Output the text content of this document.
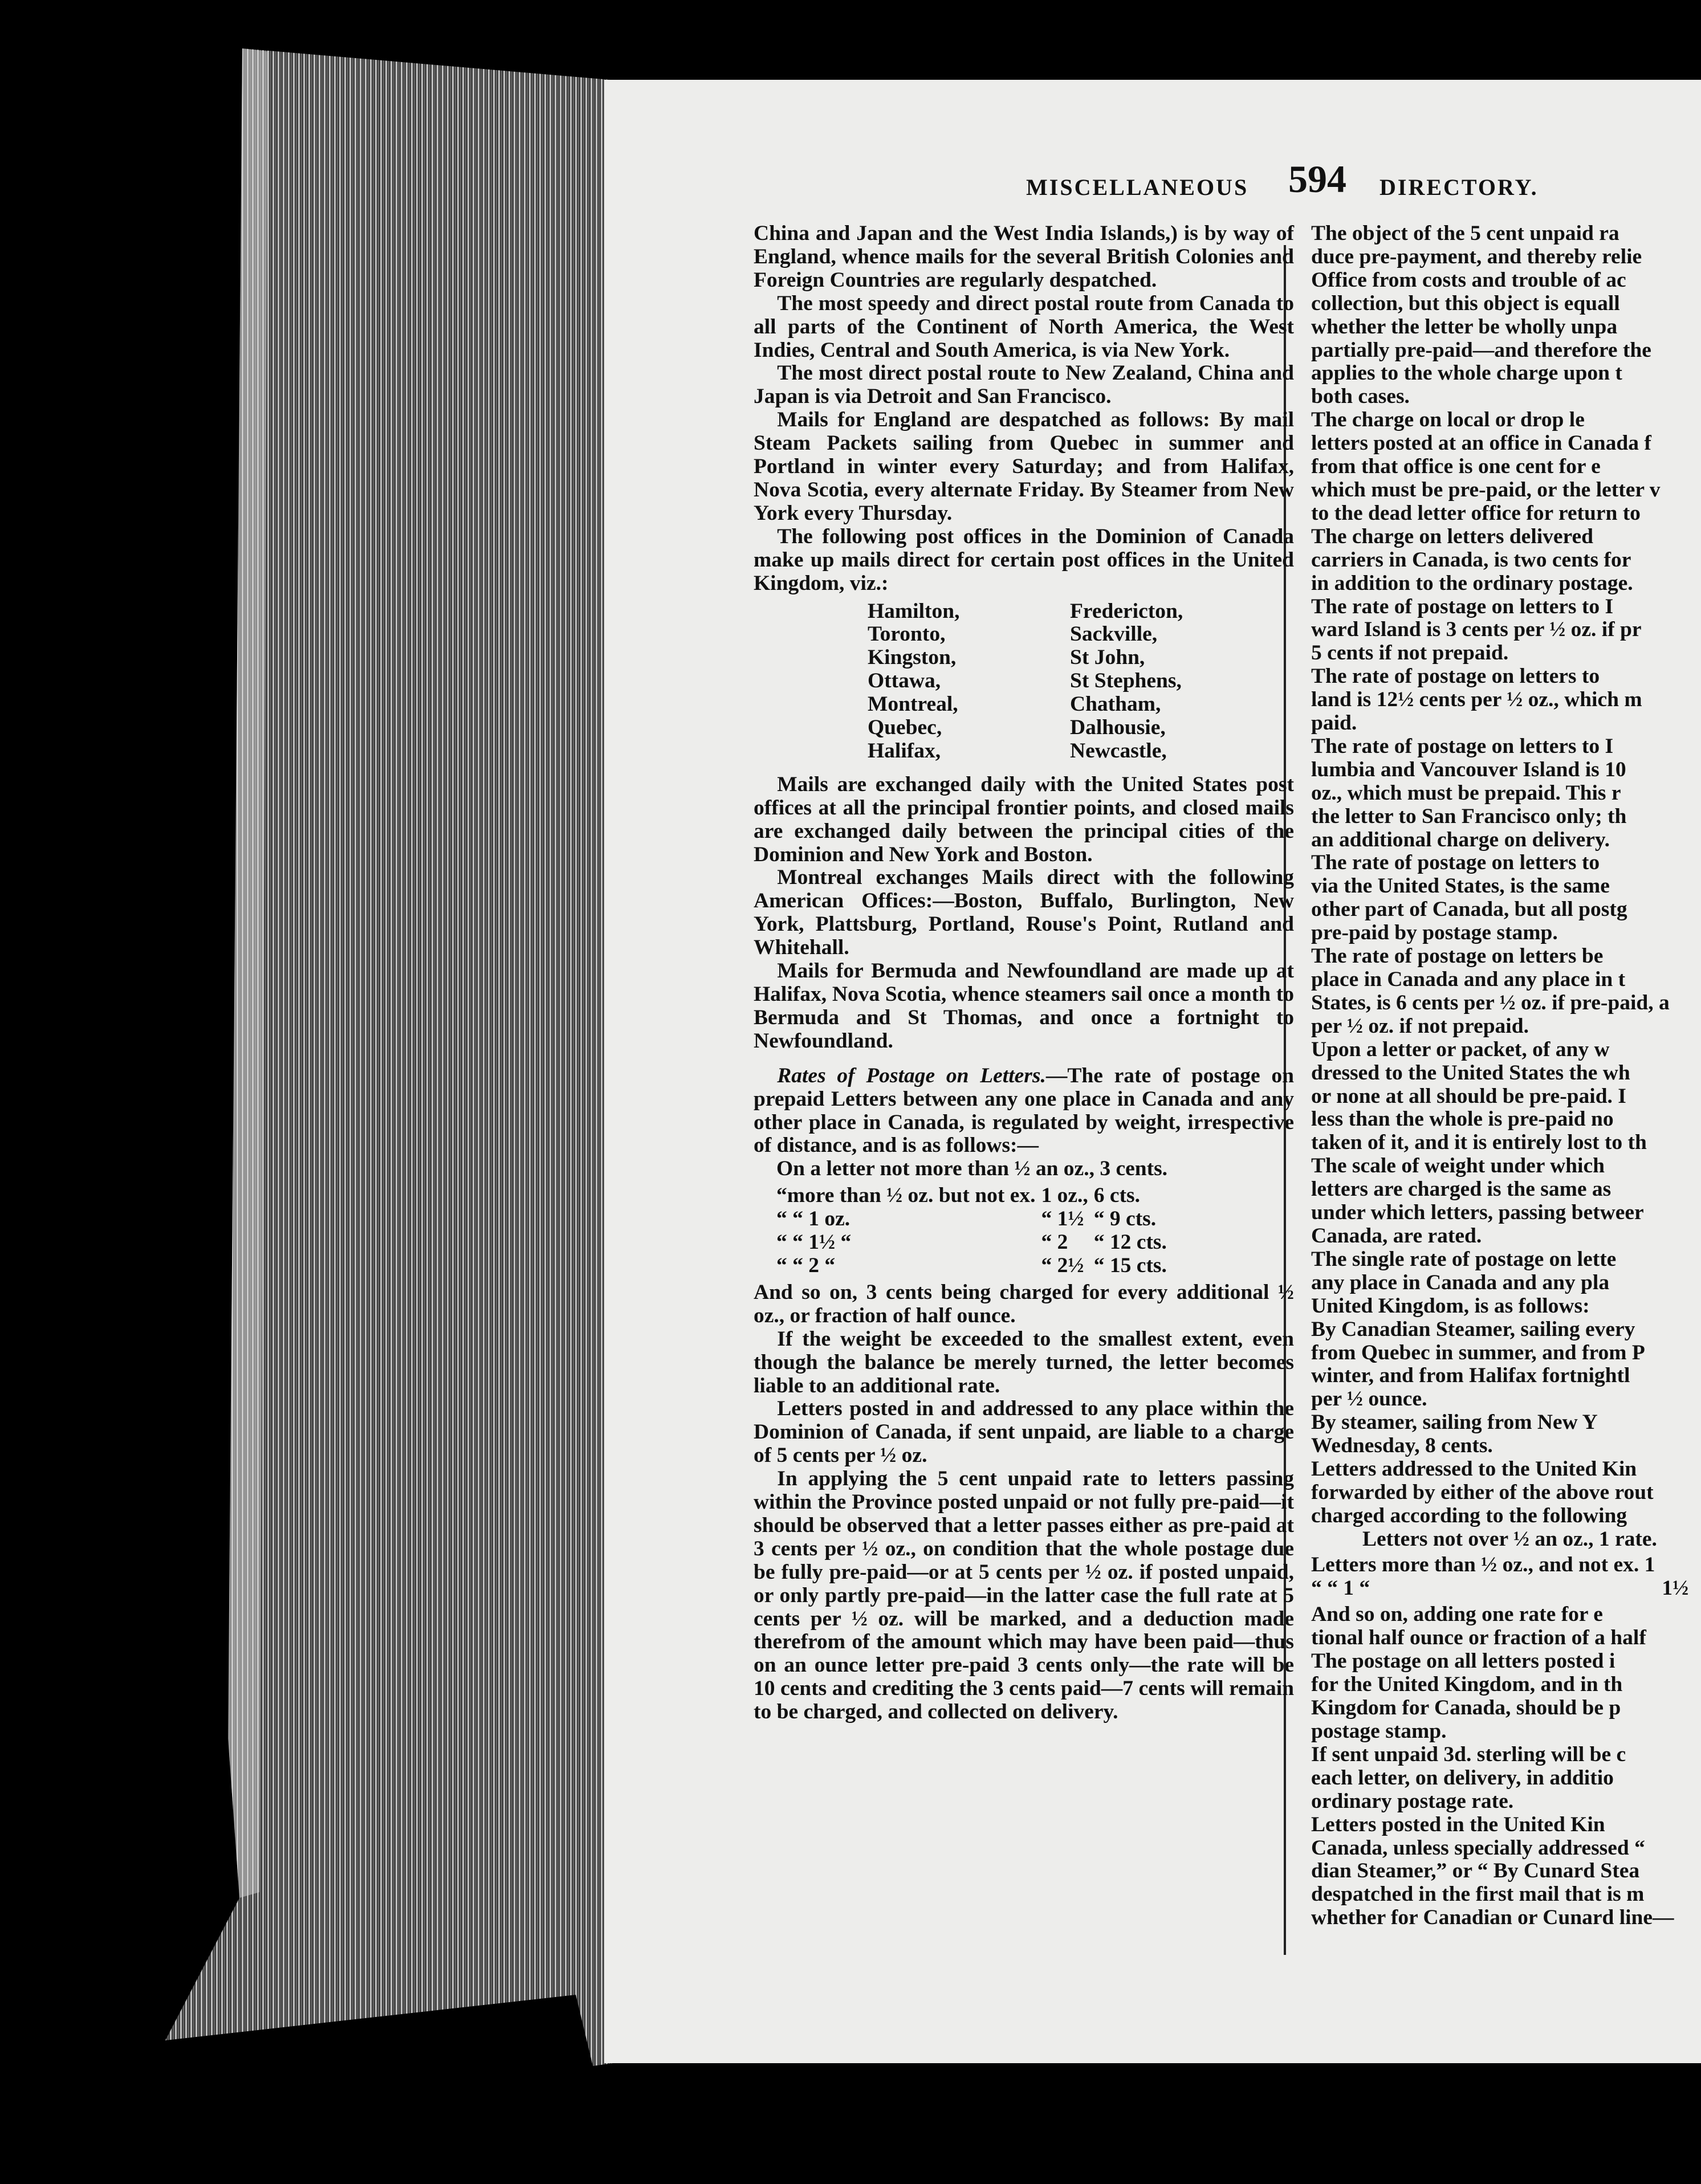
MISCELLANEOUS 594 DIRECTORY.

China and Japan and the West India Islands,) is by way of England, whence mails for the several British Colonies and Foreign Countries are regularly despatched.

The most speedy and direct postal route from Canada to all parts of the Continent of North America, the West Indies, Central and South America, is via New York.

The most direct postal route to New Zealand, China and Japan is via Detroit and San Francisco.

Mails for England are despatched as follows: By mail Steam Packets sailing from Quebec in summer and Portland in winter every Saturday; and from Halifax, Nova Scotia, every alternate Friday. By Steamer from New York every Thursday.

The following post offices in the Dominion of Canada make up mails direct for certain post offices in the United Kingdom, viz.:

Hamilton,	Fredericton,
Toronto,	Sackville,
Kingston,	St John,
Ottawa,	St Stephens,
Montreal,	Chatham,
Quebec,	Dalhousie,
Halifax,	Newcastle,

Mails are exchanged daily with the United States post offices at all the principal frontier points, and closed mails are exchanged daily between the principal cities of the Dominion and New York and Boston.

Montreal exchanges Mails direct with the following American Offices:—Boston, Buffalo, Burlington, New York, Plattsburg, Portland, Rouse's Point, Rutland and Whitehall.

Mails for Bermuda and Newfoundland are made up at Halifax, Nova Scotia, whence steamers sail once a month to Bermuda and St Thomas, and once a fortnight to Newfoundland.

Rates of Postage on Letters.—The rate of postage on prepaid Letters between any one place in Canada and any other place in Canada, is regulated by weight, irrespective of distance, and is as follows:—

On a letter not more than ½ an oz., 3 cents.
“more than ½ oz. but not ex.	1 oz.,	6 cts.
“ “ 1 oz.	“ 1½	“ 9 cts.
“ “ 1½ “	“ 2	“ 12 cts.
“ “ 2 “	“ 2½	“ 15 cts.

And so on, 3 cents being charged for every additional ½ oz., or fraction of half ounce.

If the weight be exceeded to the smallest extent, even though the balance be merely turned, the letter becomes liable to an additional rate.

Letters posted in and addressed to any place within the Dominion of Canada, if sent unpaid, are liable to a charge of 5 cents per ½ oz.

In applying the 5 cent unpaid rate to letters passing within the Province posted unpaid or not fully pre-paid—it should be observed that a letter passes either as pre-paid at 3 cents per ½ oz., on condition that the whole postage due be fully pre-paid—or at 5 cents per ½ oz. if posted unpaid, or only partly pre-paid—in the latter case the full rate at 5 cents per ½ oz. will be marked, and a deduction made therefrom of the amount which may have been paid—thus on an ounce letter pre-paid 3 cents only—the rate will be 10 cents and crediting the 3 cents paid—7 cents will remain to be charged, and collected on delivery.

The object of the 5 cent unpaid ra
duce pre-payment, and thereby relie
Office from costs and trouble of ac
collection, but this object is equall
whether the letter be wholly unpa
partially pre-paid—and therefore the
applies to the whole charge upon t
both cases.
The charge on local or drop le
letters posted at an office in Canada f
from that office is one cent for e
which must be pre-paid, or the letter v
to the dead letter office for return to
The charge on letters delivered
carriers in Canada, is two cents for
in addition to the ordinary postage.
The rate of postage on letters to I
ward Island is 3 cents per ½ oz. if pr
5 cents if not prepaid.
The rate of postage on letters to
land is 12½ cents per ½ oz., which m
paid.
The rate of postage on letters to I
lumbia and Vancouver Island is 10
oz., which must be prepaid. This r
the letter to San Francisco only; th
an additional charge on delivery.
The rate of postage on letters to
via the United States, is the same
other part of Canada, but all postg
pre-paid by postage stamp.
The rate of postage on letters be
place in Canada and any place in t
States, is 6 cents per ½ oz. if pre-paid, a
per ½ oz. if not prepaid.
Upon a letter or packet, of any w
dressed to the United States the wh
or none at all should be pre-paid. I
less than the whole is pre-paid no
taken of it, and it is entirely lost to th
The scale of weight under which
letters are charged is the same as
under which letters, passing betweer
Canada, are rated.
The single rate of postage on lette
any place in Canada and any pla
United Kingdom, is as follows:
By Canadian Steamer, sailing every
from Quebec in summer, and from P
winter, and from Halifax fortnightl
per ½ ounce.
By steamer, sailing from New Y
Wednesday, 8 cents.
Letters addressed to the United Kin
forwarded by either of the above rout
charged according to the following
Letters not over ½ an oz., 1 rate.
Letters more than ½ oz., and not ex. 1	
“ “ 1 “	1½
And so on, adding one rate for e
tional half ounce or fraction of a half
The postage on all letters posted i
for the United Kingdom, and in th
Kingdom for Canada, should be p
postage stamp.
If sent unpaid 3d. sterling will be c
each letter, on delivery, in additio
ordinary postage rate.
Letters posted in the United Kin
Canada, unless specially addressed “
dian Steamer,” or “ By Cunard Stea
despatched in the first mail that is m
whether for Canadian or Cunard line—
